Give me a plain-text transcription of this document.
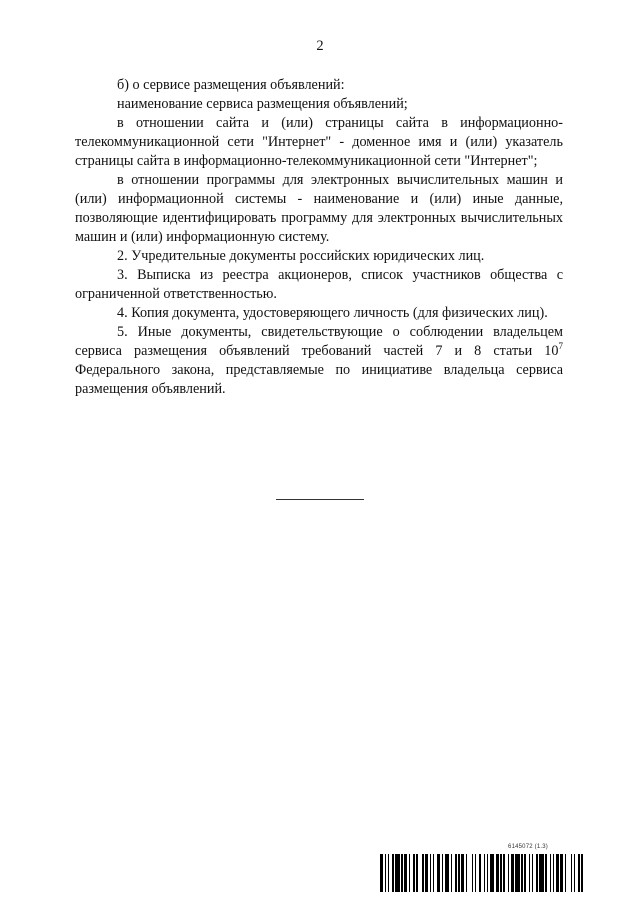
2

б) о сервисе размещения объявлений:

наименование сервиса размещения объявлений;

в отношении сайта и (или) страницы сайта в информационно-телекоммуникационной сети "Интернет" - доменное имя и (или) указатель страницы сайта в информационно-телекоммуникационной сети "Интернет";

в отношении программы для электронных вычислительных машин и (или) информационной системы - наименование и (или) иные данные, позволяющие идентифицировать программу для электронных вычислительных машин и (или) информационную систему.

2. Учредительные документы российских юридических лиц.

3. Выписка из реестра акционеров, список участников общества с ограниченной ответственностью.

4. Копия документа, удостоверяющего личность (для физических лиц).

5. Иные документы, свидетельствующие о соблюдении владельцем сервиса размещения объявлений требований частей 7 и 8 статьи $10^7$ Федерального закона, представляемые по инициативе владельца сервиса размещения объявлений.

6145072 (1.3)
